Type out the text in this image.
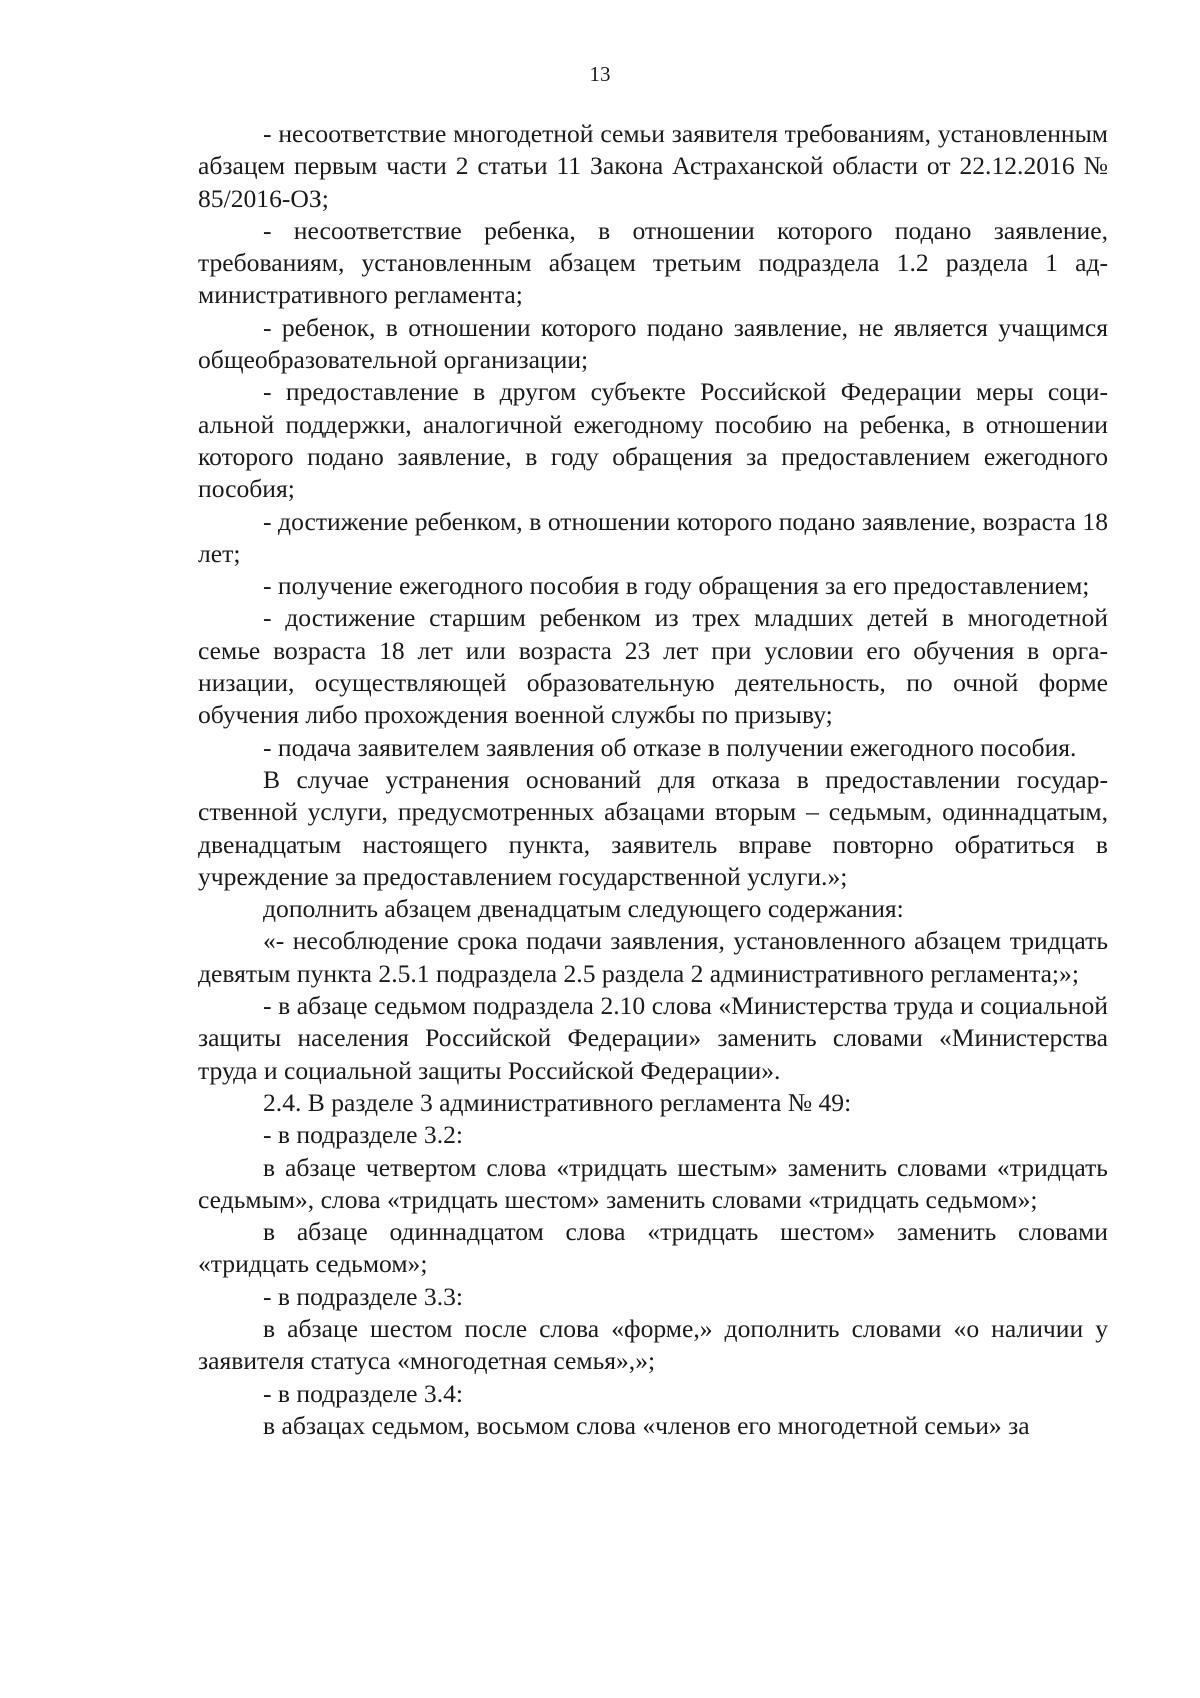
13

- несоответствие многодетной семьи заявителя требованиям, установленным абзацем первым части 2 статьи 11 Закона Астраханской области от 22.12.2016 № 85/2016-ОЗ;

- несоответствие ребенка, в отношении которого подано заявление, требованиям, установленным абзацем третьим подраздела 1.2 раздела 1 административного регламента;

- ребенок, в отношении которого подано заявление, не является учащимся общеобразовательной организации;

- предоставление в другом субъекте Российской Федерации меры социальной поддержки, аналогичной ежегодному пособию на ребенка, в отношении которого подано заявление, в году обращения за предоставлением ежегодного пособия;

- достижение ребенком, в отношении которого подано заявление, возраста 18 лет;

- получение ежегодного пособия в году обращения за его предоставлением;

- достижение старшим ребенком из трех младших детей в многодетной семье возраста 18 лет или возраста 23 лет при условии его обучения в организации, осуществляющей образовательную деятельность, по очной форме обучения либо прохождения военной службы по призыву;

- подача заявителем заявления об отказе в получении ежегодного пособия.

В случае устранения оснований для отказа в предоставлении государственной услуги, предусмотренных абзацами вторым – седьмым, одиннадцатым, двенадцатым настоящего пункта, заявитель вправе повторно обратиться в учреждение за предоставлением государственной услуги.»;

дополнить абзацем двенадцатым следующего содержания:

«- несоблюдение срока подачи заявления, установленного абзацем тридцать девятым пункта 2.5.1 подраздела 2.5 раздела 2 административного регламента;»;

- в абзаце седьмом подраздела 2.10 слова «Министерства труда и социальной защиты населения Российской Федерации» заменить словами «Министерства труда и социальной защиты Российской Федерации».

2.4. В разделе 3 административного регламента № 49:

- в подразделе 3.2:

в абзаце четвертом слова «тридцать шестым» заменить словами «тридцать седьмым», слова «тридцать шестом» заменить словами «тридцать седьмом»;

в абзаце одиннадцатом слова «тридцать шестом» заменить словами «тридцать седьмом»;

- в подразделе 3.3:

в абзаце шестом после слова «форме,» дополнить словами «о наличии у заявителя статуса «многодетная семья»,»;

- в подразделе 3.4:

в абзацах седьмом, восьмом слова «членов его многодетной семьи» за
